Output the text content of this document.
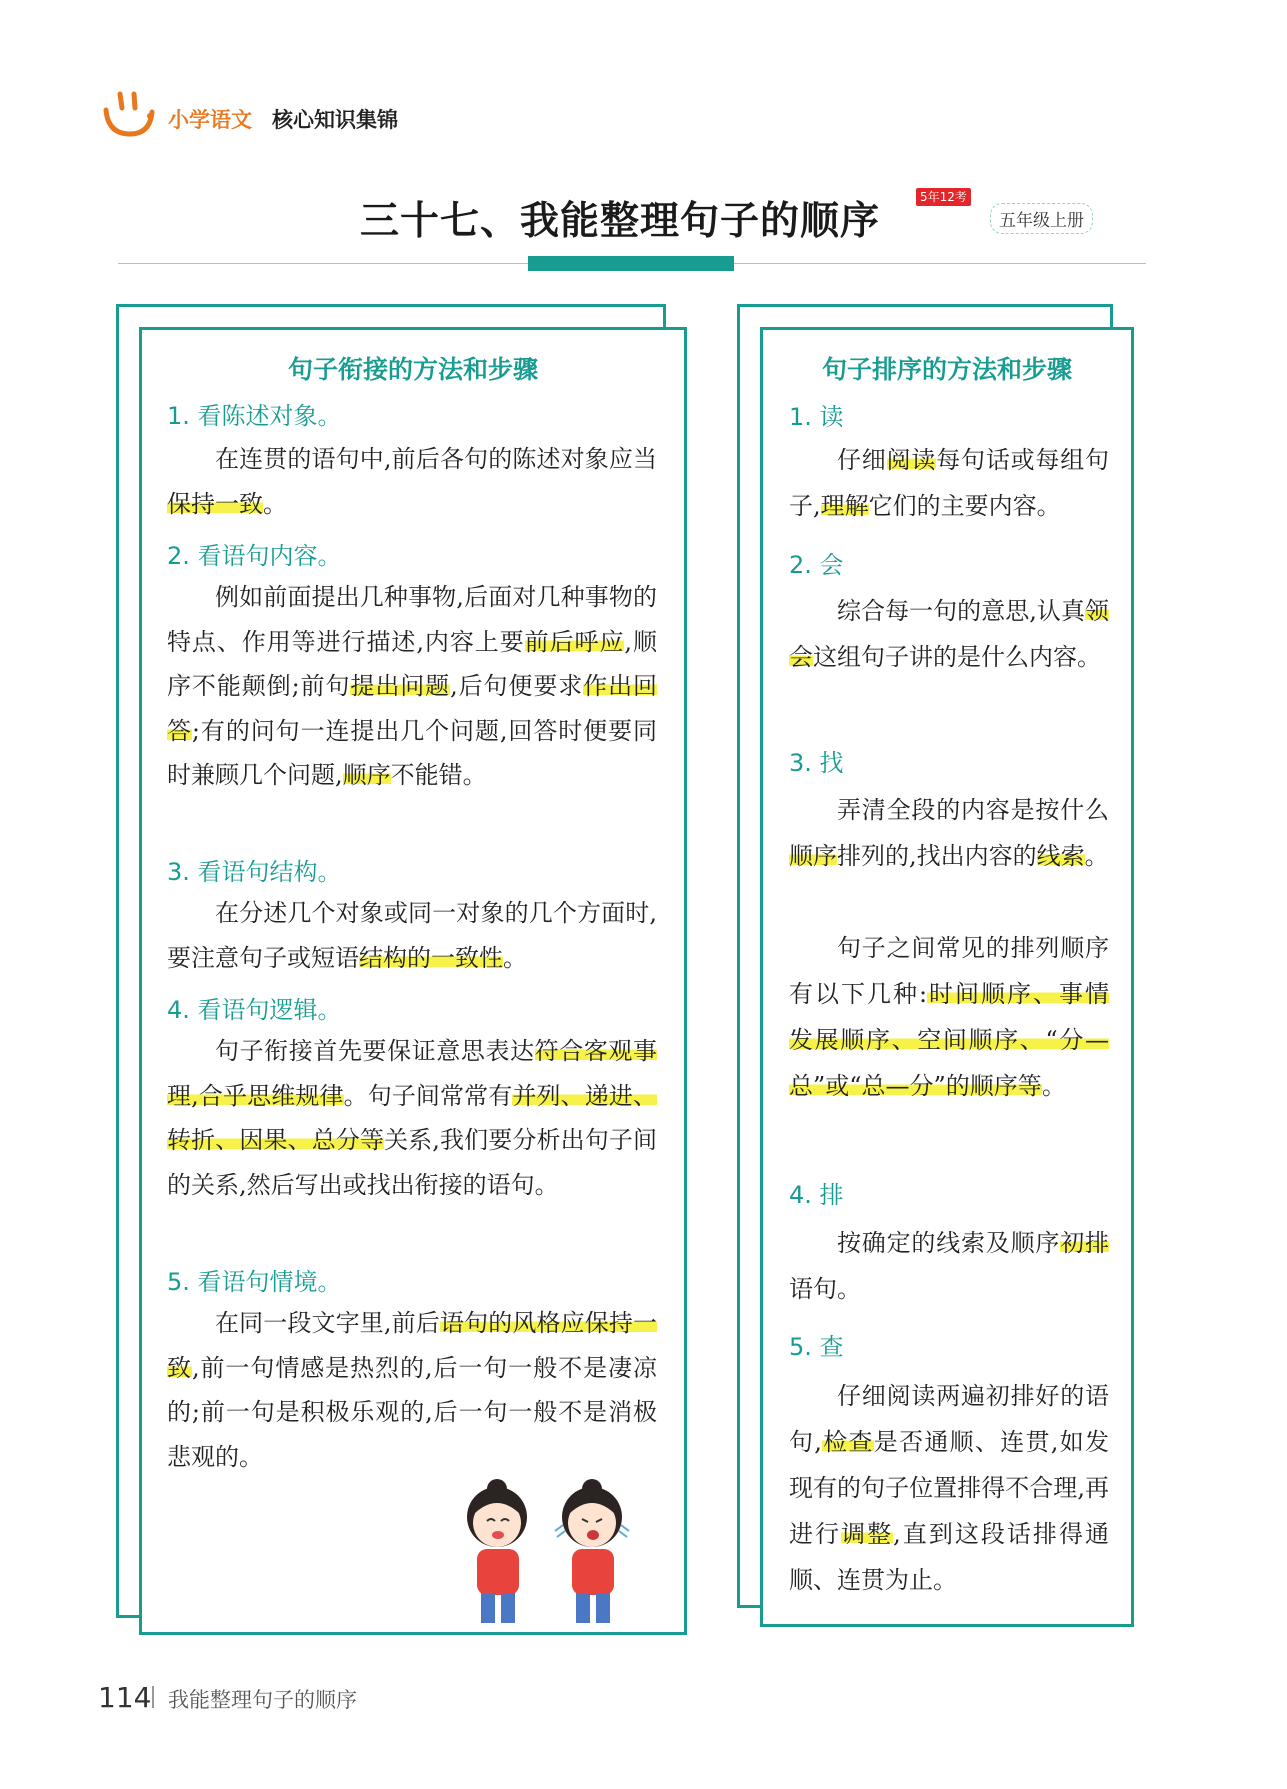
小学语文 核心知识集锦
三十七、我能整理句子的顺序
5年12考
五年级上册
句子衔接的方法和步骤
1. 看陈述对象。
在连贯的语句中,前后各句的陈述对象应当保持一致。
2. 看语句内容。
例如前面提出几种事物,后面对几种事物的特点、作用等进行描述,内容上要前后呼应,顺序不能颠倒;前句提出问题,后句便要求作出回答;有的问句一连提出几个问题,回答时便要同时兼顾几个问题,顺序不能错。
3. 看语句结构。
在分述几个对象或同一对象的几个方面时,要注意句子或短语结构的一致性。
4. 看语句逻辑。
句子衔接首先要保证意思表达符合客观事理,合乎思维规律。句子间常常有并列、递进、转折、因果、总分等关系,我们要分析出句子间的关系,然后写出或找出衔接的语句。
5. 看语句情境。
在同一段文字里,前后语句的风格应保持一致,前一句情感是热烈的,后一句一般不是凄凉的;前一句是积极乐观的,后一句一般不是消极悲观的。
句子排序的方法和步骤
1. 读
仔细阅读每句话或每组句子,理解它们的主要内容。
2. 会
综合每一句的意思,认真领会这组句子讲的是什么内容。
3. 找
弄清全段的内容是按什么顺序排列的,找出内容的线索。
句子之间常见的排列顺序有以下几种:时间顺序、事情发展顺序、空间顺序、“分—总”或“总—分”的顺序等。
4. 排
按确定的线索及顺序初排语句。
5. 查
仔细阅读两遍初排好的语句,检查是否通顺、连贯,如发现有的句子位置排得不合理,再进行调整,直到这段话排得通顺、连贯为止。
114 我能整理句子的顺序
